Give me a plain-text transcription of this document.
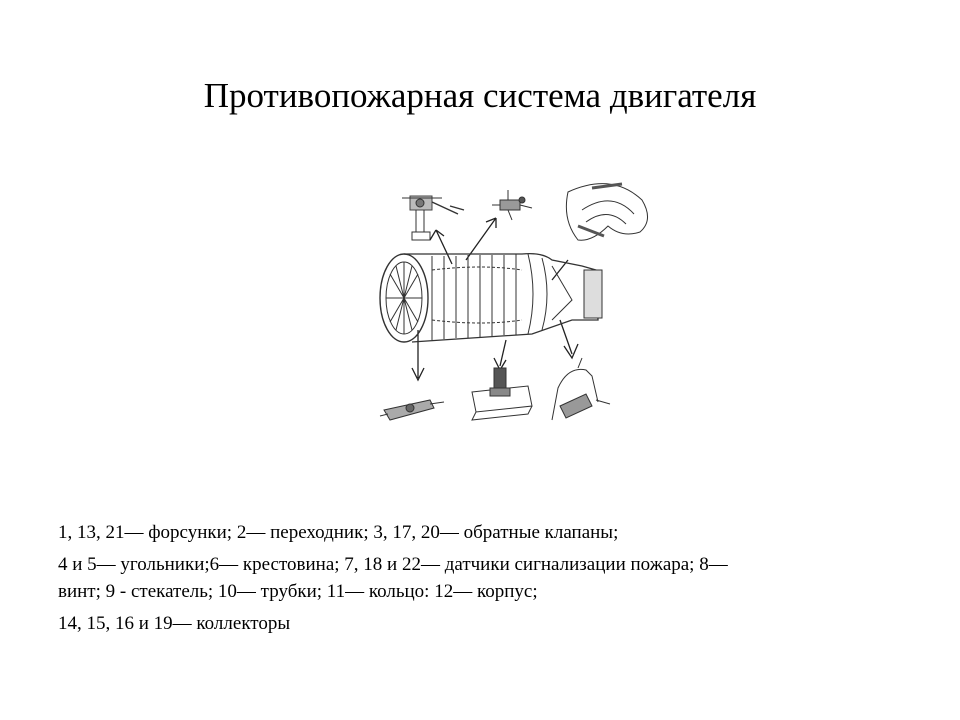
Противопожарная система двигателя

1, 13, 21— форсунки; 2— переходник; 3, 17, 20— обратные клапаны;

4 и 5— угольники;6— крестовина; 7, 18 и 22— датчики сигнализации пожара; 8—
винт; 9 - стекатель; 10— трубки; 11— кольцо: 12— корпус;

14, 15, 16 и 19— коллекторы
